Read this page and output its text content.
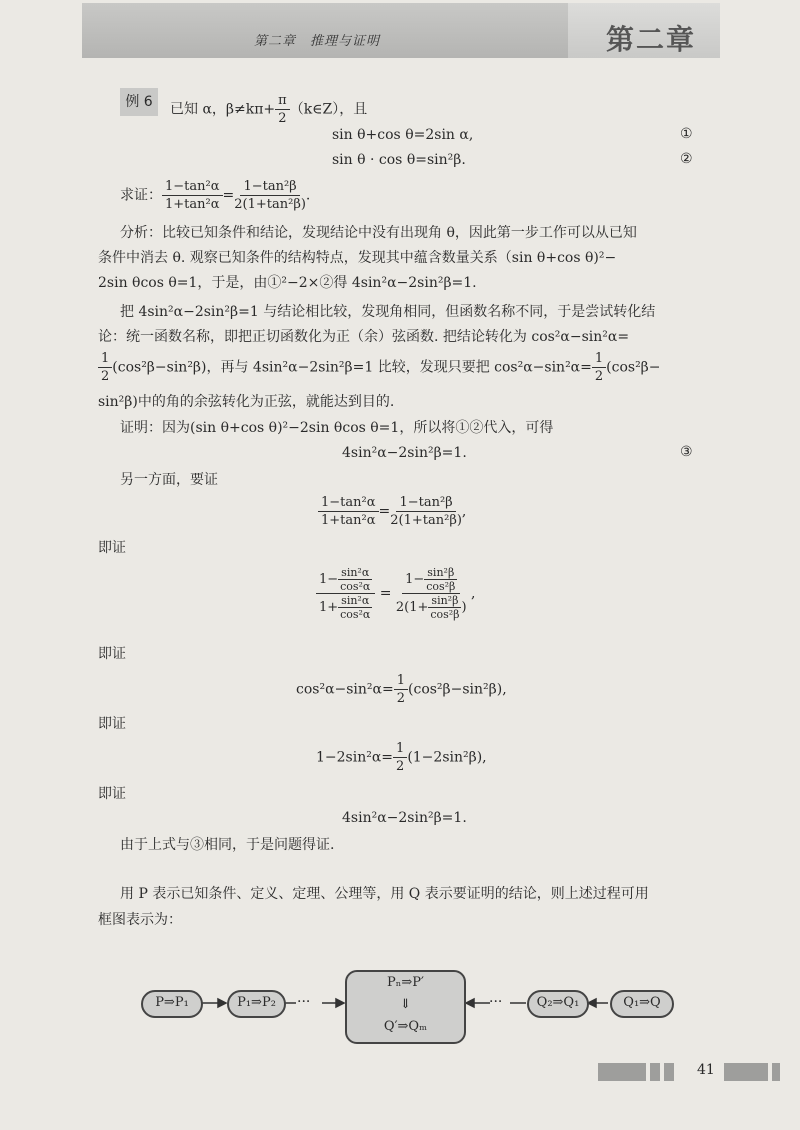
第二章　推理与证明	第二章
例 6	已知 α，$\beta\ne k\pi+ \frac{\pi}{2}$ （k∈Z），且
sin θ+cos θ=2sin α,	①
sin θ · cos θ=sin²β.	②
求证： $\frac{\text{1−tan²α}}{\text{1+tan²α}} = \frac{\text{1−tan²β}}{\text{2(1+tan²β)}}$ .
分析：比较已知条件和结论，发现结论中没有出现角 θ，因此第一步工作可以从已知
条件中消去 θ. 观察已知条件的结构特点，发现其中蕴含数量关系（sin θ+cos θ)²−
2sin θcos θ=1，于是，由①²−2×②得 4sin²α−2sin²β=1.
把 4sin²α−2sin²β=1 与结论相比较，发现角相同，但函数名称不同，于是尝试转化结
论：统一函数名称，即把正切函数化为正（余）弦函数. 把结论转化为 cos²α−sin²α=
$\frac{1}{2} (\cos^2\beta-\sin^2\beta)$，再与 4sin²α−2sin²β=1 比较，发现只要把 $\cos^2\alpha-\sin^2\alpha= \frac{1}{2} (\cos^2\beta-$
sin²β)中的角的余弦转化为正弦，就能达到目的.
证明：因为(sin θ+cos θ)²−2sin θcos θ=1，所以将①②代入，可得
4sin²α−2sin²β=1.	③
另一方面，要证
$\frac{\text{1−tan²α}}{\text{1+tan²α}} = \frac{\text{1−tan²β}}{\text{2(1+tan²β)}}$ ,
即证
$\frac{1- \frac{\text{sin²α}}{\text{cos²α}}}{1+ \frac{\text{sin²α}}{\text{cos²α}}} = \frac{1- \frac{\text{sin²β}}{\text{cos²β}}}{2(1+ \frac{\text{sin²β}}{\text{cos²β}} )}$ ,
即证
$\cos^2\alpha-\sin^2\alpha= \frac{1}{2} (\cos^2\beta-\sin^2\beta)$,
即证
$1-2\sin^2\alpha= \frac{1}{2} (1-2\sin^2\beta)$,
即证
4sin²α−2sin²β=1.
由于上式与③相同，于是问题得证.
用 P 表示已知条件、定义、定理、公理等，用 Q 表示要证明的结论，则上述过程可用
框图表示为：
P⇒P₁	P₁⇒P₂	···
Pₙ⇒P′
⇓
Q′⇒Qₘ
···	Q₂⇒Q₁	Q₁⇒Q
41
